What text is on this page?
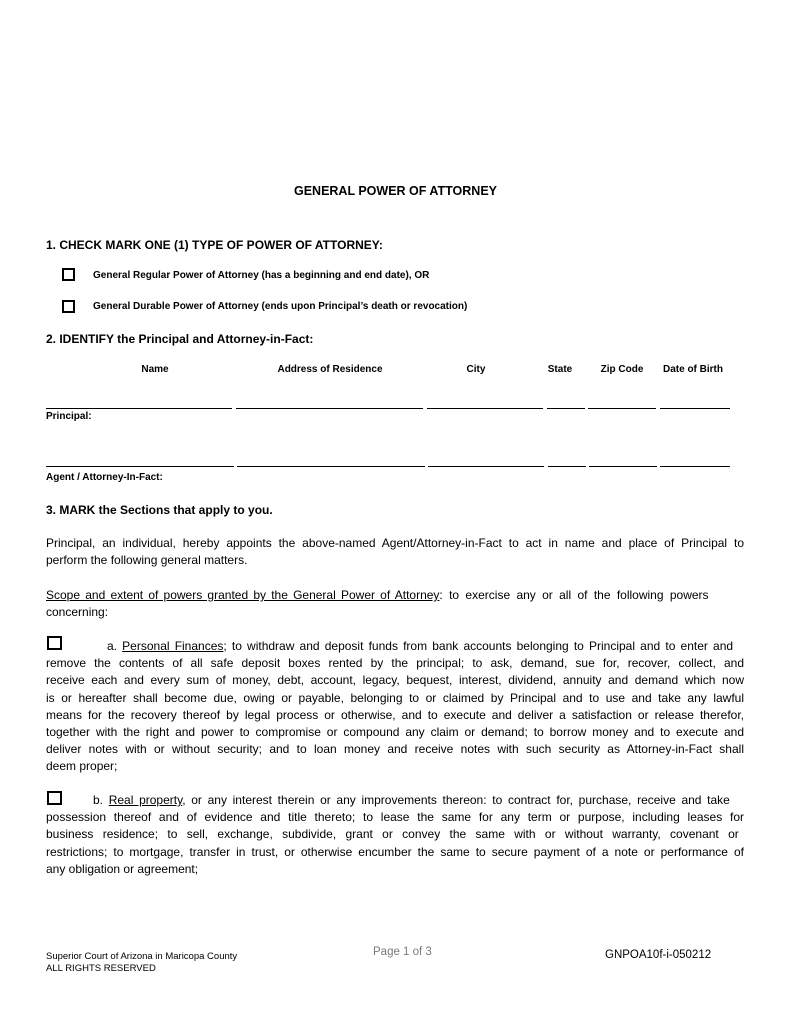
GENERAL POWER OF ATTORNEY
1. CHECK MARK ONE (1) TYPE OF POWER OF ATTORNEY:
General Regular Power of Attorney (has a beginning and end date), OR
General Durable Power of Attorney (ends upon Principal’s death or revocation)
2. IDENTIFY the Principal and Attorney-in-Fact:
Name	Address of Residence	City	State	Zip Code	Date of Birth
Principal:
Agent / Attorney-In-Fact:
3. MARK the Sections that apply to you.
Principal, an individual, hereby appoints the above-named Agent/Attorney-in-Fact to act in name and place of Principal to
perform the following general matters.
Scope and extent of powers granted by the General Power of Attorney : to exercise any or all of the following powers
concerning:
a. Personal Finances; to withdraw and deposit funds from bank accounts belonging to Principal and to enter and
remove the contents of all safe deposit boxes rented by the principal; to ask, demand, sue for, recover, collect, and
receive each and every sum of money, debt, account, legacy, bequest, interest, dividend, annuity and demand which now
is or hereafter shall become due, owing or payable, belonging to or claimed by Principal and to use and take any lawful
means for the recovery thereof by legal process or otherwise, and to execute and deliver a satisfaction or release therefor,
together with the right and power to compromise or compound any claim or demand; to borrow money and to execute and
deliver notes with or without security; and to loan money and receive notes with such security as Attorney-in-Fact shall
deem proper;
b. Real property, or any interest therein or any improvements thereon: to contract for, purchase, receive and take
possession thereof and of evidence and title thereto; to lease the same for any term or purpose, including leases for
business residence; to sell, exchange, subdivide, grant or convey the same with or without warranty, covenant or
restrictions; to mortgage, transfer in trust, or otherwise encumber the same to secure payment of a note or performance of
any obligation or agreement;
Superior Court of Arizona in Maricopa County
ALL RIGHTS RESERVED
Page 1 of 3	GNPOA10f-i-050212
